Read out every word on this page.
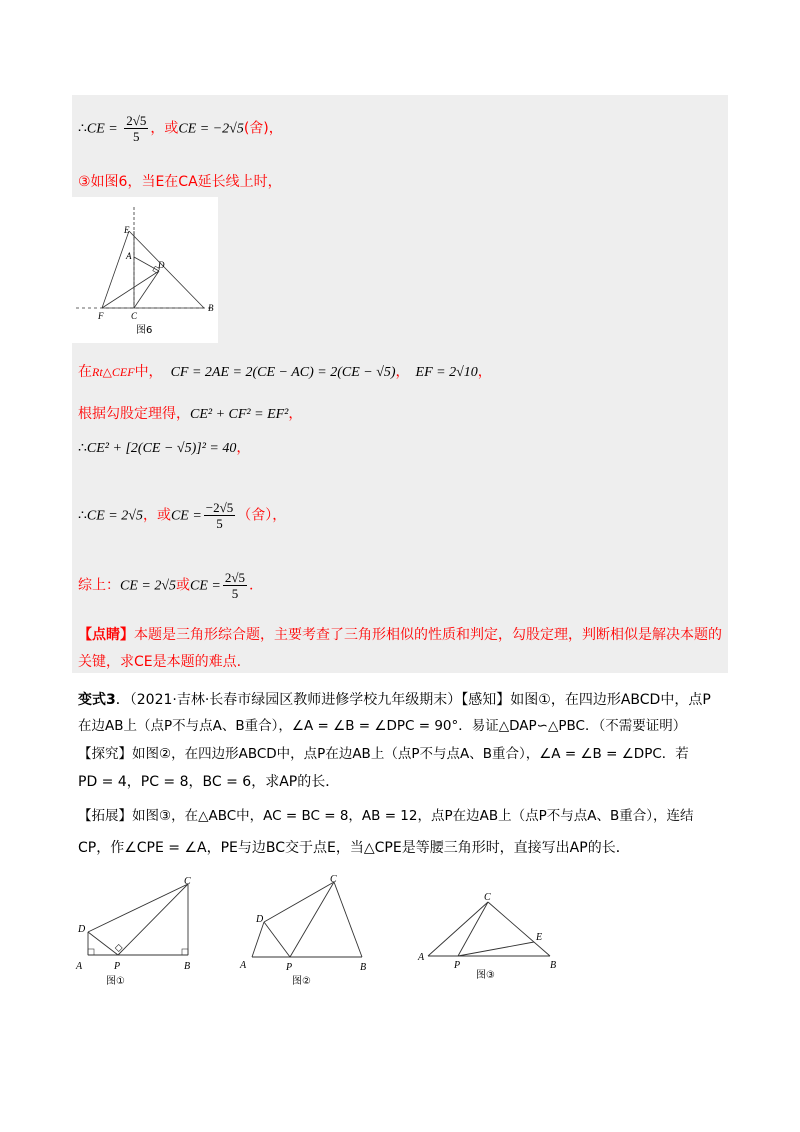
∴CE = $\frac{2√5}{5}$ ，或CE = −2√5(舍)，
③如图6，当E在CA延长线上时，
E
A
D
F	C
B
图6
在Rt△CEF中， CF = 2AE = 2(CE − AC) = 2(CE − √5)， EF = 2√10，
根据勾股定理得，CE² + CF² = EF²，
∴CE² + [2(CE − √5)]² = 40，
∴CE = 2√5，或CE = $\frac{-2√5}{5}$ （舍），
综上：CE = 2√5或CE = $\frac{2√5}{5}$ .
【点睛】本题是三角形综合题，主要考查了三角形相似的性质和判定，勾股定理，判断相似是解决本题的
关键，求CE是本题的难点.
变式3．（2021·吉林·长春市绿园区教师进修学校九年级期末）【感知】如图①，在四边形ABCD中，点P
在边AB上（点P不与点A、B重合），∠A = ∠B = ∠DPC = 90°．易证△DAP∽△PBC．（不需要证明）
【探究】如图②，在四边形ABCD中，点P在边AB上（点P不与点A、B重合），∠A = ∠B = ∠DPC．若
PD = 4，PC = 8，BC = 6，求AP的长．
【拓展】如图③，在△ABC中，AC = BC = 8，AB = 12，点P在边AB上（点P不与点A、B重合），连结
CP，作∠CPE = ∠A，PE与边BC交于点E，当△CPE是等腰三角形时，直接写出AP的长．
D
A	P	B
C
图①
D
A	P	B
C
图②
C
E
A
P	B
图③
